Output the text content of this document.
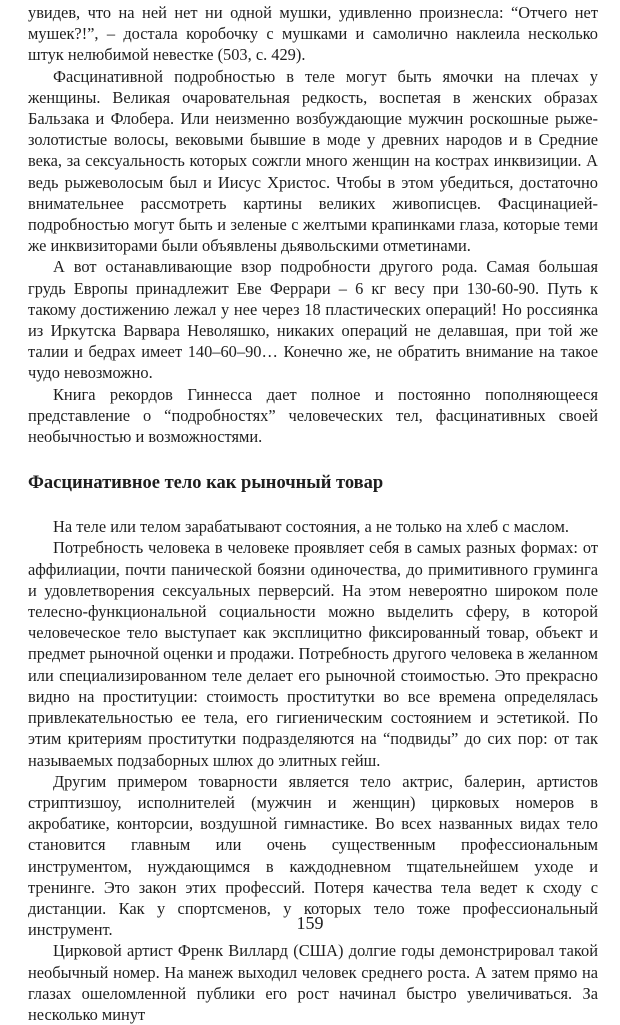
увидев, что на ней нет ни одной мушки, удивленно произнеслa: “Отчего нет мушек?!”, – достала коробочку с мушками и самолично наклеила несколько штук нелюбимой невестке (503, с. 429).

Фасцинативной подробностью в теле могут быть ямочки на плечах у женщины. Великая очаровательная редкость, воспетая в женских образах Бальзака и Флобера. Или неизменно возбуждающие мужчин роскошные рыже-золотистые волосы, вековыми бывшие в моде у древних народов и в Средние века, за сексуальность которых сожгли много женщин на кострах инквизиции. А ведь рыжеволосым был и Иисус Христос. Чтобы в этом убедиться, достаточно внимательнее рассмотреть картины великих живописцев. Фасцинацией-подробностью могут быть и зеленые с желтыми крапинками глаза, которые теми же инквизиторами были объявлены дьявольскими отметинами.

А вот останавливающие взор подробности другого рода. Самая большая грудь Европы принадлежит Еве Феррари – 6 кг весу при 130-60-90. Путь к такому достижению лежал у нее через 18 пластических операций! Но россиянка из Иркутска Варвара Неволяшко, никаких операций не делавшая, при той же талии и бедрах имеет 140–60–90… Конечно же, не обратить внимание на такое чудо невозможно.

Книга рекордов Гиннесса дает полное и постоянно пополняющееся представление о “подробностях” человеческих тел, фасцинативных своей необычностью и возможностями.

Фасцинативное тело как рыночный товар

На теле или телом зарабатывают состояния, а не только на хлеб с маслом.

Потребность человека в человеке проявляет себя в самых разных формах: от аффилиации, почти панической боязни одиночества, до примитивного груминга и удовлетворения сексуальных перверсий. На этом невероятно широком поле телесно-функциональной социальности можно выделить сферу, в которой человеческое тело выступает как эксплицитно фиксированный товар, объект и предмет рыночной оценки и продажи. Потребность другого человека в желанном или специализированном теле делает его рыночной стоимостью. Это прекрасно видно на проституции: стоимость проститутки во все времена определялась привлекательностью ее тела, его гигиеническим состоянием и эстетикой. По этим критериям проститутки подразделяются на “подвиды” до сих пор: от так называемых подзаборных шлюх до элитных гейш.

Другим примером товарности является тело актрис, балерин, артистов стриптизшоу, исполнителей (мужчин и женщин) цирковых номеров в акробатике, конторсии, воздушной гимнастике. Во всех названных видах тело становится главным или очень существенным профессиональным инструментом, нуждающимся в каждодневном тщательнейшем уходе и тренинге. Это закон этих профессий. Потеря качества тела ведет к сходу с дистанции. Как у спортсменов, у которых тело тоже профессиональный инструмент.

Цирковой артист Френк Виллард (США) долгие годы демонстрировал такой необычный номер. На манеж выходил человек среднего роста. А затем прямо на глазах ошеломленной публики его рост начинал быстро увеличиваться. За несколько минут

159
